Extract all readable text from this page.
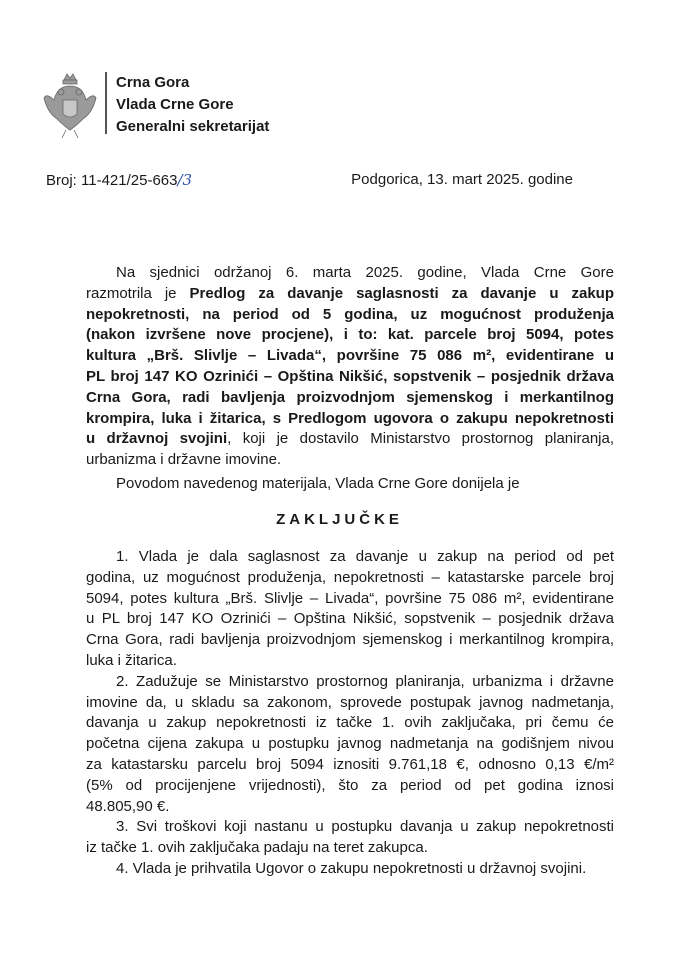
Crna Gora
Vlada Crne Gore
Generalni sekretarijat
Broj: 11-421/25-663/3	Podgorica, 13. mart 2025. godine
Na sjednici održanoj 6. marta 2025. godine, Vlada Crne Gore
razmotrila je Predlog za davanje saglasnosti za davanje u zakup
nepokretnosti, na period od 5 godina, uz mogućnost produženja
(nakon izvršene nove procjene), i to: kat. parcele broj 5094, potes
kultura „Brš. Slivlje – Livada“, površine 75 086 m², evidentirane u
PL broj 147 KO Ozrinići – Opština Nikšić, sopstvenik – posjednik država
Crna Gora, radi bavljenja proizvodnjom sjemenskog i merkantilnog
krompira, luka i žitarica, s Predlogom ugovora o zakupu nepokretnosti
u državnoj svojini, koji je dostavilo Ministarstvo prostornog planiranja,
urbanizma i državne imovine.
Povodom navedenog materijala, Vlada Crne Gore donijela je
ZAKLJUČKE
1. Vlada je dala saglasnost za davanje u zakup na period od pet
godina, uz mogućnost produženja, nepokretnosti – katastarske parcele broj
5094, potes kultura „Brš. Slivlje – Livada“, površine 75 086 m², evidentirane
u PL broj 147 KO Ozrinići – Opština Nikšić, sopstvenik – posjednik država
Crna Gora, radi bavljenja proizvodnjom sjemenskog i merkantilnog krompira,
luka i žitarica.
2. Zadužuje se Ministarstvo prostornog planiranja, urbanizma i državne
imovine da, u skladu sa zakonom, sprovede postupak javnog nadmetanja,
davanja u zakup nepokretnosti iz tačke 1. ovih zaključaka, pri čemu će
početna cijena zakupa u postupku javnog nadmetanja na godišnjem nivou
za katastarsku parcelu broj 5094 iznositi 9.761,18 €, odnosno 0,13 €/m²
(5% od procijenjene vrijednosti), što za period od pet godina iznosi
48.805,90 €.
3. Svi troškovi koji nastanu u postupku davanja u zakup nepokretnosti
iz tačke 1. ovih zaključaka padaju na teret zakupca.
4. Vlada je prihvatila Ugovor o zakupu nepokretnosti u državnoj svojini.
